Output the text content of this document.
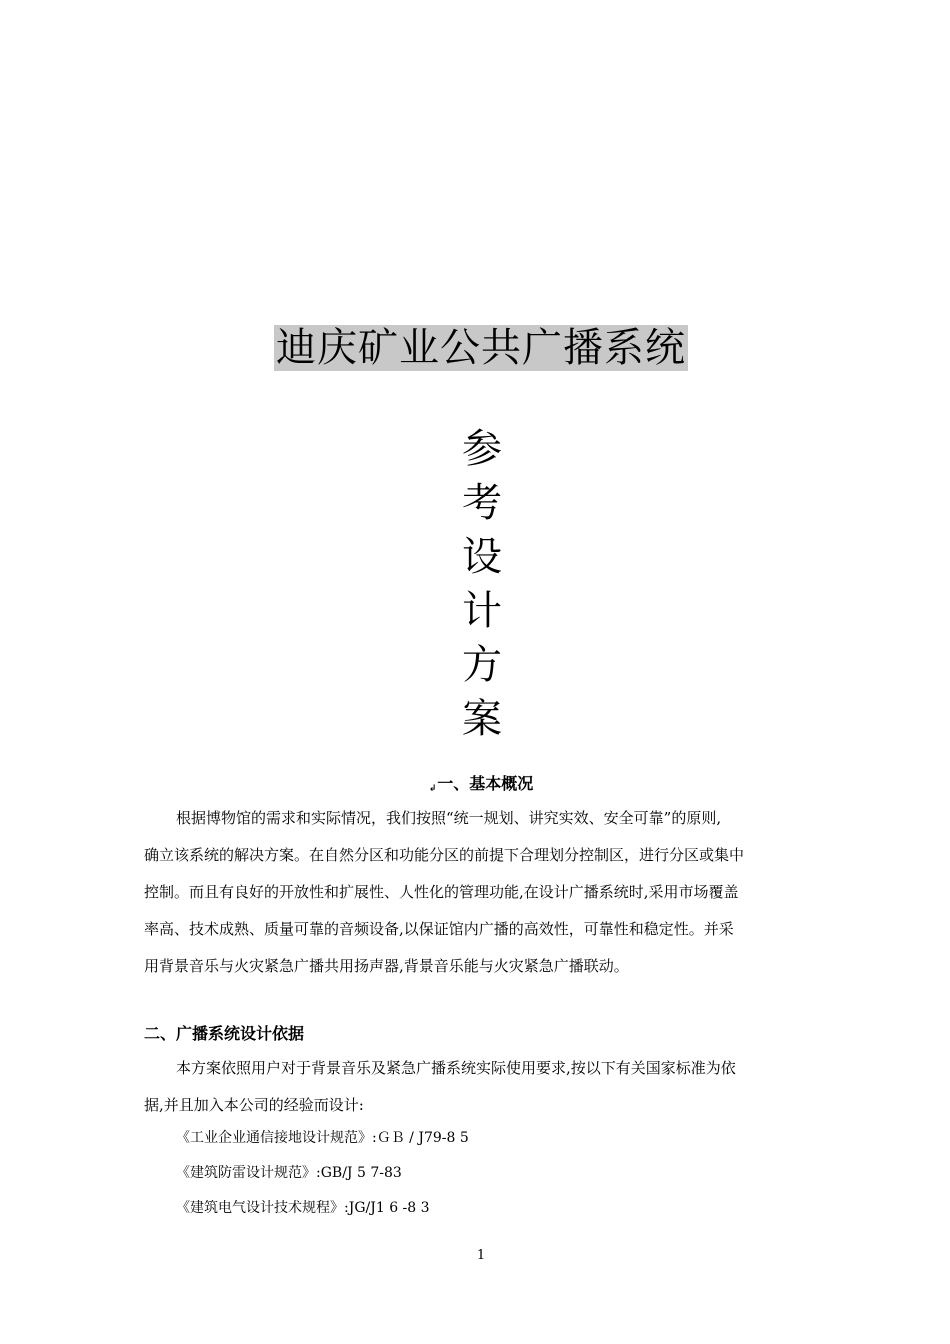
迪庆矿业公共广播系统
参
考
设
计
方
案
↲一、基本概况
根据博物馆的需求和实际情况，我们按照“统一规划、讲究实效、安全可靠”的原则,
确立该系统的解决方案。在自然分区和功能分区的前提下合理划分控制区，进行分区或集中
控制。而且有良好的开放性和扩展性、人性化的管理功能,在设计广播系统时,采用市场覆盖
率高、技术成熟、质量可靠的音频设备,以保证馆内广播的高效性，可靠性和稳定性。并采
用背景音乐与火灾紧急广播共用扬声器,背景音乐能与火灾紧急广播联动。
二、广播系统设计依据
本方案依照用户对于背景音乐及紧急广播系统实际使用要求,按以下有关国家标准为依
据,并且加入本公司的经验而设计:
《工业企业通信接地设计规范》:ＧＢ / J79-8 5
《建筑防雷设计规范》:GB/J 5 7-83
《建筑电气设计技术规程》:JG/J1 6 -8 3
1
